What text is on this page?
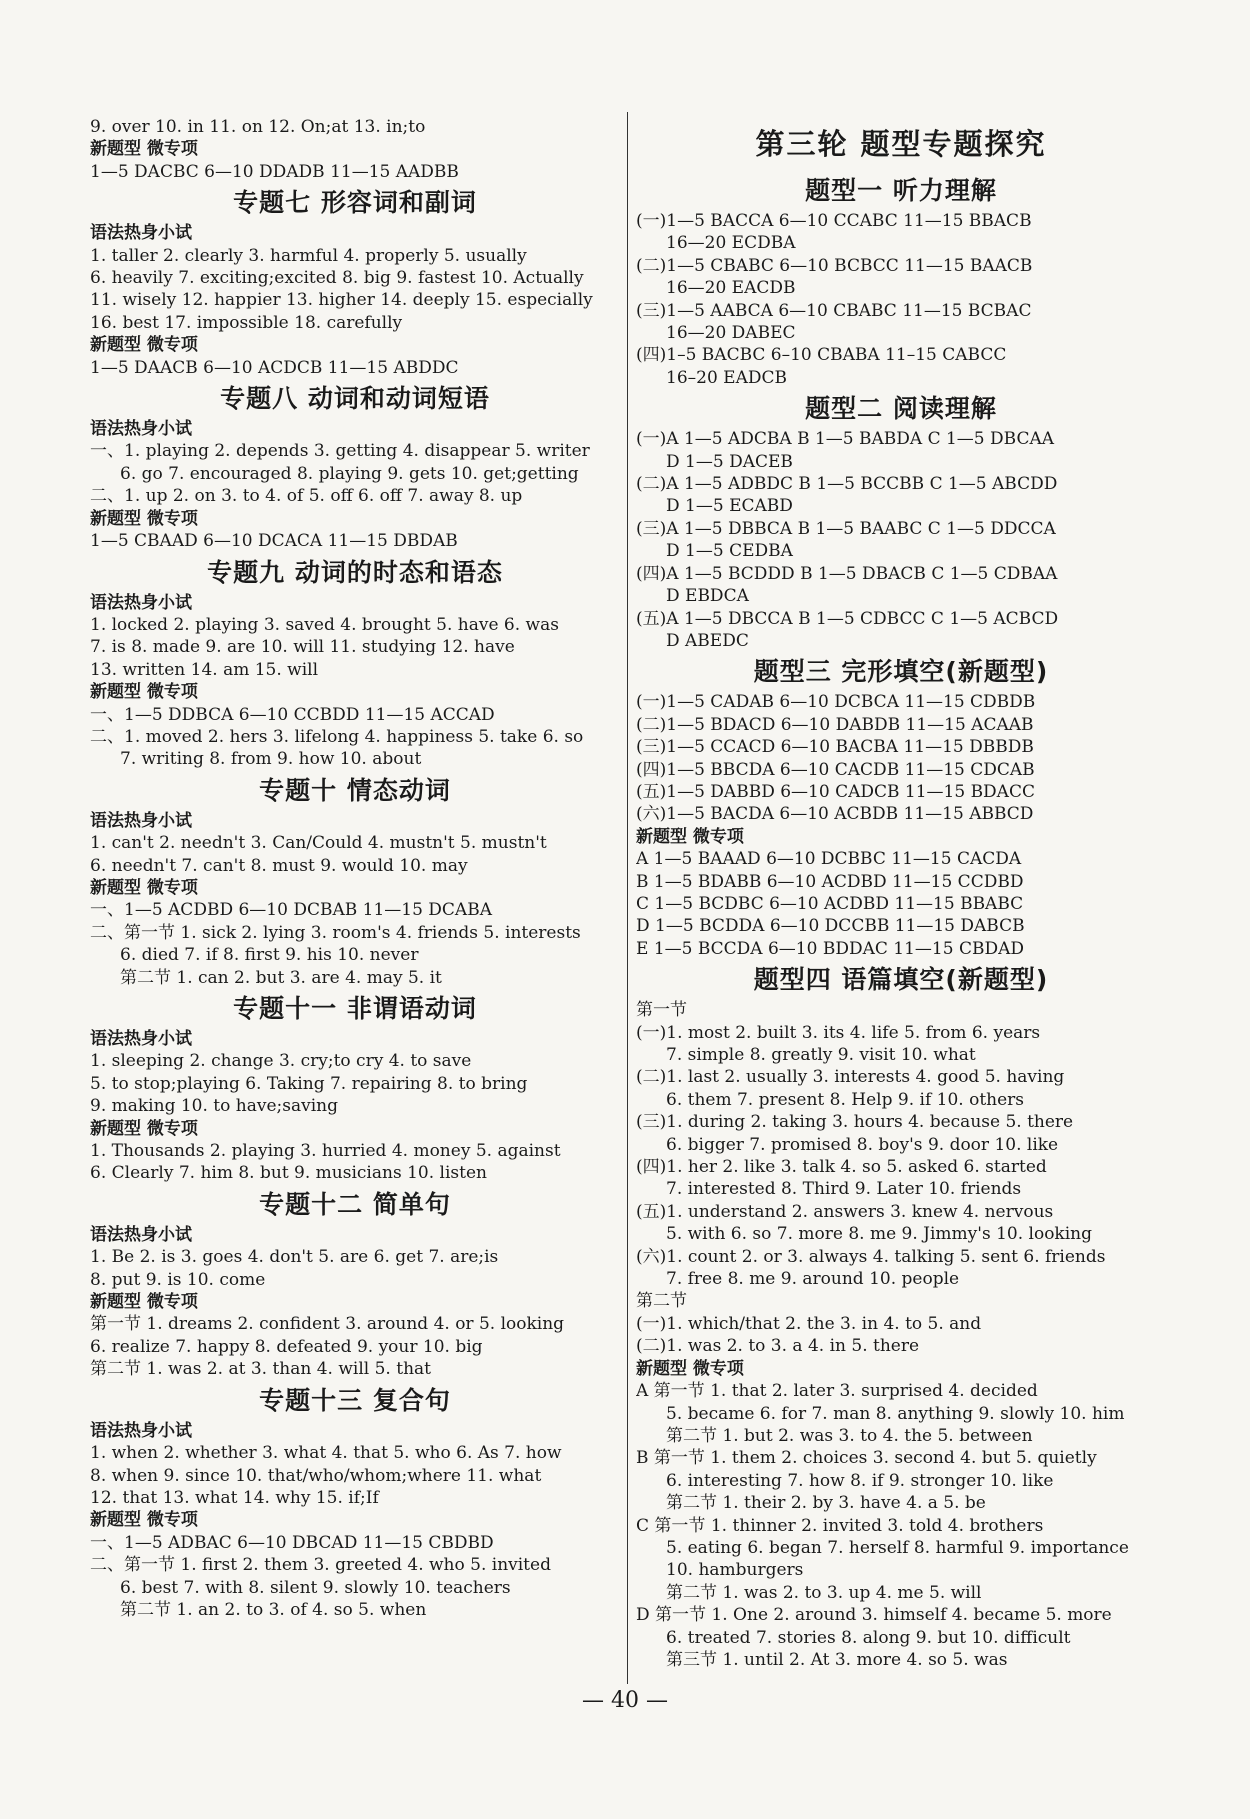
9. over 10. in 11. on 12. On;at 13. in;to
新题型 微专项
1—5 DACBC 6—10 DDADB 11—15 AADBB
专题七 形容词和副词
语法热身小试
1. taller 2. clearly 3. harmful 4. properly 5. usually
6. heavily 7. exciting;excited 8. big 9. fastest 10. Actually
11. wisely 12. happier 13. higher 14. deeply 15. especially
16. best 17. impossible 18. carefully
新题型 微专项
1—5 DAACB 6—10 ACDCB 11—15 ABDDC
专题八 动词和动词短语
语法热身小试
一、1. playing 2. depends 3. getting 4. disappear 5. writer
6. go 7. encouraged 8. playing 9. gets 10. get;getting
二、1. up 2. on 3. to 4. of 5. off 6. off 7. away 8. up
新题型 微专项
1—5 CBAAD 6—10 DCACA 11—15 DBDAB
专题九 动词的时态和语态
语法热身小试
1. locked 2. playing 3. saved 4. brought 5. have 6. was
7. is 8. made 9. are 10. will 11. studying 12. have
13. written 14. am 15. will
新题型 微专项
一、1—5 DDBCA 6—10 CCBDD 11—15 ACCAD
二、1. moved 2. hers 3. lifelong 4. happiness 5. take 6. so
7. writing 8. from 9. how 10. about
专题十 情态动词
语法热身小试
1. can't 2. needn't 3. Can/Could 4. mustn't 5. mustn't
6. needn't 7. can't 8. must 9. would 10. may
新题型 微专项
一、1—5 ACDBD 6—10 DCBAB 11—15 DCABA
二、第一节 1. sick 2. lying 3. room's 4. friends 5. interests
6. died 7. if 8. first 9. his 10. never
第二节 1. can 2. but 3. are 4. may 5. it
专题十一 非谓语动词
语法热身小试
1. sleeping 2. change 3. cry;to cry 4. to save
5. to stop;playing 6. Taking 7. repairing 8. to bring
9. making 10. to have;saving
新题型 微专项
1. Thousands 2. playing 3. hurried 4. money 5. against
6. Clearly 7. him 8. but 9. musicians 10. listen
专题十二 简单句
语法热身小试
1. Be 2. is 3. goes 4. don't 5. are 6. get 7. are;is
8. put 9. is 10. come
新题型 微专项
第一节 1. dreams 2. confident 3. around 4. or 5. looking
6. realize 7. happy 8. defeated 9. your 10. big
第二节 1. was 2. at 3. than 4. will 5. that
专题十三 复合句
语法热身小试
1. when 2. whether 3. what 4. that 5. who 6. As 7. how
8. when 9. since 10. that/who/whom;where 11. what
12. that 13. what 14. why 15. if;If
新题型 微专项
一、1—5 ADBAC 6—10 DBCAD 11—15 CBDBD
二、第一节 1. first 2. them 3. greeted 4. who 5. invited
6. best 7. with 8. silent 9. slowly 10. teachers
第二节 1. an 2. to 3. of 4. so 5. when
第三轮 题型专题探究
题型一 听力理解
(一)1—5 BACCA 6—10 CCABC 11—15 BBACB
16—20 ECDBA
(二)1—5 CBABC 6—10 BCBCC 11—15 BAACB
16—20 EACDB
(三)1—5 AABCA 6—10 CBABC 11—15 BCBAC
16—20 DABEC
(四)1–5 BACBC 6–10 CBABA 11–15 CABCC
16–20 EADCB
题型二 阅读理解
(一)A 1—5 ADCBA B 1—5 BABDA C 1—5 DBCAA
D 1—5 DACEB
(二)A 1—5 ADBDC B 1—5 BCCBB C 1—5 ABCDD
D 1—5 ECABD
(三)A 1—5 DBBCA B 1—5 BAABC C 1—5 DDCCA
D 1—5 CEDBA
(四)A 1—5 BCDDD B 1—5 DBACB C 1—5 CDBAA
D EBDCA
(五)A 1—5 DBCCA B 1—5 CDBCC C 1—5 ACBCD
D ABEDC
题型三 完形填空(新题型)
(一)1—5 CADAB 6—10 DCBCA 11—15 CDBDB
(二)1—5 BDACD 6—10 DABDB 11—15 ACAAB
(三)1—5 CCACD 6—10 BACBA 11—15 DBBDB
(四)1—5 BBCDA 6—10 CACDB 11—15 CDCAB
(五)1—5 DABBD 6—10 CADCB 11—15 BDACC
(六)1—5 BACDA 6—10 ACBDB 11—15 ABBCD
新题型 微专项
A 1—5 BAAAD 6—10 DCBBC 11—15 CACDA
B 1—5 BDABB 6—10 ACDBD 11—15 CCDBD
C 1—5 BCDBC 6—10 ACDBD 11—15 BBABC
D 1—5 BCDDA 6—10 DCCBB 11—15 DABCB
E 1—5 BCCDA 6—10 BDDAC 11—15 CBDAD
题型四 语篇填空(新题型)
第一节
(一)1. most 2. built 3. its 4. life 5. from 6. years
7. simple 8. greatly 9. visit 10. what
(二)1. last 2. usually 3. interests 4. good 5. having
6. them 7. present 8. Help 9. if 10. others
(三)1. during 2. taking 3. hours 4. because 5. there
6. bigger 7. promised 8. boy's 9. door 10. like
(四)1. her 2. like 3. talk 4. so 5. asked 6. started
7. interested 8. Third 9. Later 10. friends
(五)1. understand 2. answers 3. knew 4. nervous
5. with 6. so 7. more 8. me 9. Jimmy's 10. looking
(六)1. count 2. or 3. always 4. talking 5. sent 6. friends
7. free 8. me 9. around 10. people
第二节
(一)1. which/that 2. the 3. in 4. to 5. and
(二)1. was 2. to 3. a 4. in 5. there
新题型 微专项
A 第一节 1. that 2. later 3. surprised 4. decided
5. became 6. for 7. man 8. anything 9. slowly 10. him
第二节 1. but 2. was 3. to 4. the 5. between
B 第一节 1. them 2. choices 3. second 4. but 5. quietly
6. interesting 7. how 8. if 9. stronger 10. like
第二节 1. their 2. by 3. have 4. a 5. be
C 第一节 1. thinner 2. invited 3. told 4. brothers
5. eating 6. began 7. herself 8. harmful 9. importance
10. hamburgers
第二节 1. was 2. to 3. up 4. me 5. will
D 第一节 1. One 2. around 3. himself 4. became 5. more
6. treated 7. stories 8. along 9. but 10. difficult
第三节 1. until 2. At 3. more 4. so 5. was
— 40 —
